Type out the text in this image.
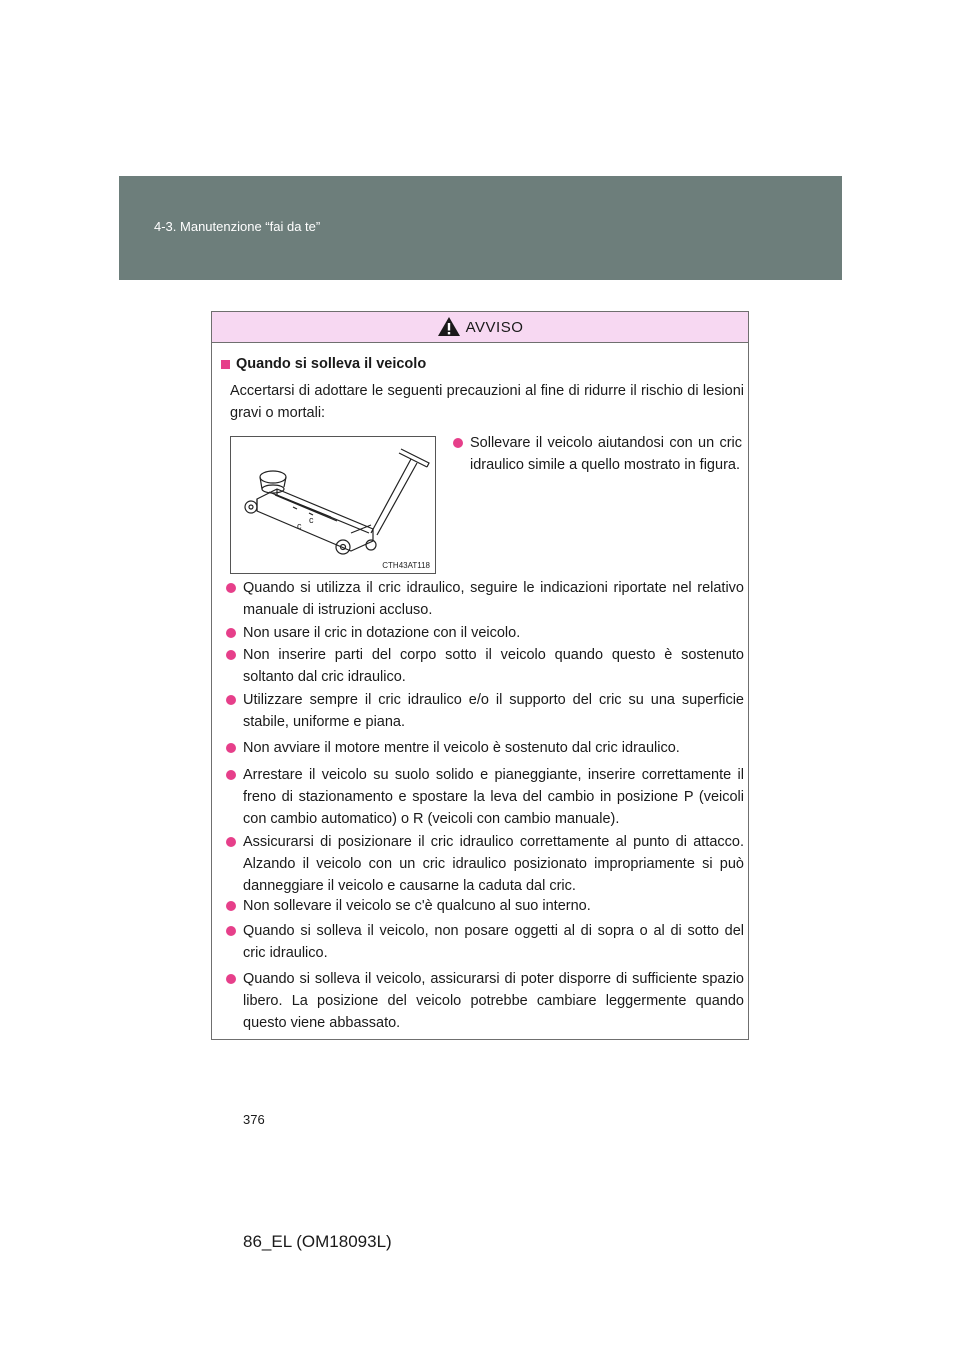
4-3. Manutenzione “fai da te”
AVVISO
Quando si solleva il veicolo
Accertarsi di adottare le seguenti precauzioni al fine di ridurre il rischio di lesioni gravi o mortali:
c
c
CTH43AT118
Sollevare il veicolo aiutandosi con un cric idraulico simile a quello mostrato in figura.
Quando si utilizza il cric idraulico, seguire le indicazioni riportate nel relativo manuale di istruzioni accluso.
Non usare il cric in dotazione con il veicolo.
Non inserire parti del corpo sotto il veicolo quando questo è sostenuto soltanto dal cric idraulico.
Utilizzare sempre il cric idraulico e/o il supporto del cric su una superficie stabile, uniforme e piana.
Non avviare il motore mentre il veicolo è sostenuto dal cric idraulico.
Arrestare il veicolo su suolo solido e pianeggiante, inserire correttamente il freno di stazionamento e spostare la leva del cambio in posizione P (veicoli con cambio automatico) o R (veicoli con cambio manuale).
Assicurarsi di posizionare il cric idraulico correttamente al punto di attacco. Alzando il veicolo con un cric idraulico posizionato impropriamente si può danneggiare il veicolo e causarne la caduta dal cric.
Non sollevare il veicolo se c'è qualcuno al suo interno.
Quando si solleva il veicolo, non posare oggetti al di sopra o al di sotto del cric idraulico.
Quando si solleva il veicolo, assicurarsi di poter disporre di sufficiente spazio libero. La posizione del veicolo potrebbe cambiare leggermente quando questo viene abbassato.
376
86_EL (OM18093L)
